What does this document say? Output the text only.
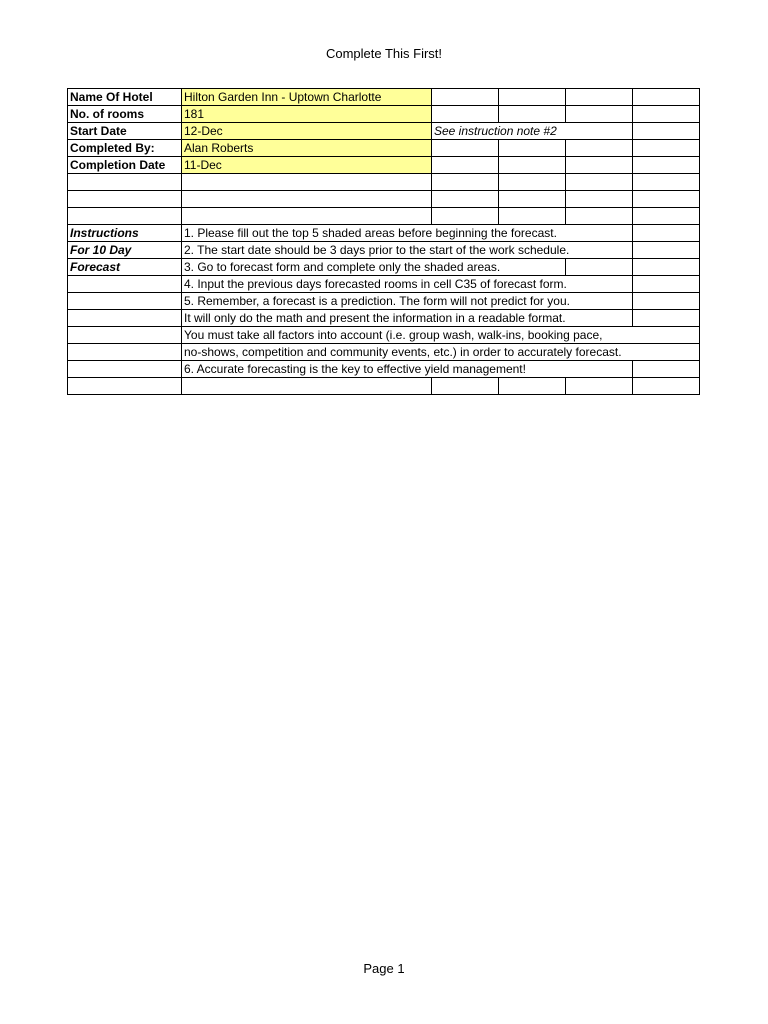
Complete This First!
Name Of Hotel	Hilton Garden Inn - Uptown Charlotte				
No. of rooms	181				
Start Date	12-Dec	See instruction note #2			
Completed By:	Alan Roberts				
Completion Date	11-Dec				

Instructions	1. Please fill out the top 5 shaded areas before beginning the forecast.				
For 10 Day	2. The start date should be 3 days prior to the start of the work schedule.				
Forecast	3. Go to forecast form and complete only the shaded areas.				
	4. Input the previous days forecasted rooms in cell C35 of forecast form.				
	5. Remember, a forecast is a prediction. The form will not predict for you.				
	It will only do the math and present the information in a readable format.				
	You must take all factors into account (i.e. group wash, walk-ins, booking pace,				
	no-shows, competition and community events, etc.) in order to accurately forecast.				
	6. Accurate forecasting is the key to effective yield management!				

Page 1
